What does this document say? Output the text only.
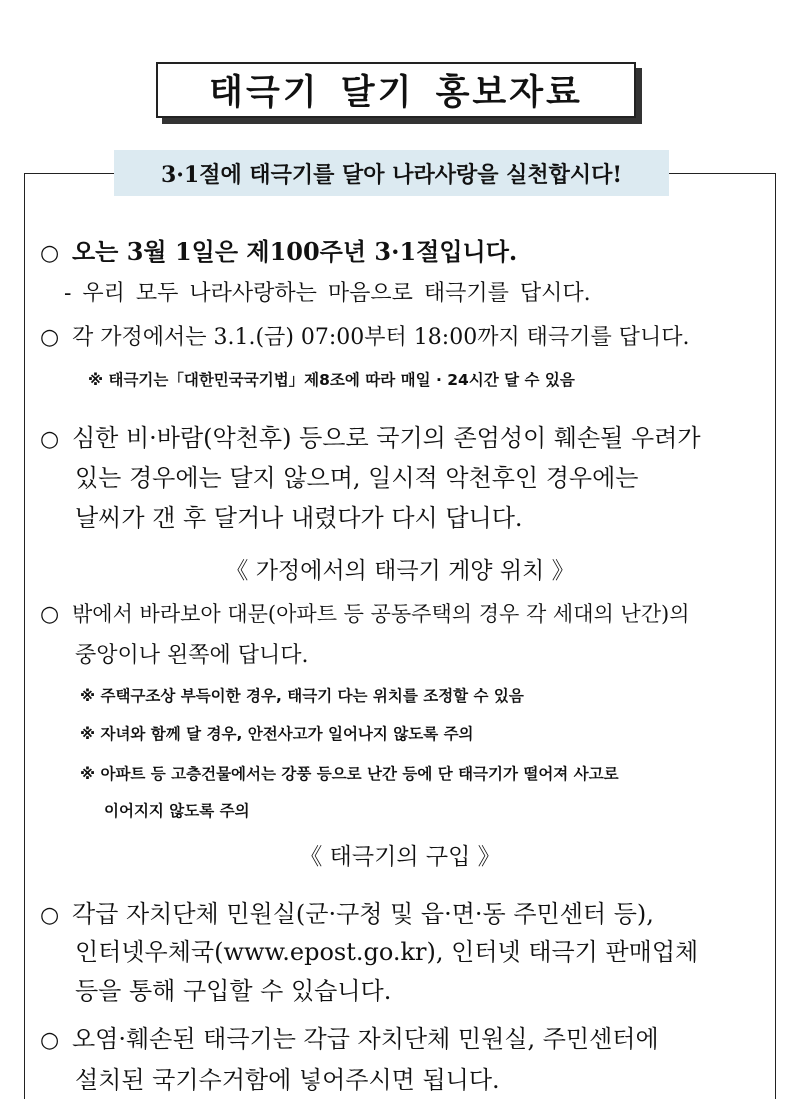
태극기 달기 홍보자료
3·1절에 태극기를 달아 나라사랑을 실천합시다!
○ 오는 3월 1일은 제100주년 3·1절입니다.
- 우리 모두 나라사랑하는 마음으로 태극기를 답시다.
○ 각 가정에서는 3.1.(금) 07:00부터 18:00까지 태극기를 답니다.
※ 태극기는「대한민국국기법」제8조에 따라 매일 · 24시간 달 수 있음
○ 심한 비·바람(악천후) 등으로 국기의 존엄성이 훼손될 우려가
있는 경우에는 달지 않으며, 일시적 악천후인 경우에는
날씨가 갠 후 달거나 내렸다가 다시 답니다.
《 가정에서의 태극기 게양 위치 》
○ 밖에서 바라보아 대문(아파트 등 공동주택의 경우 각 세대의 난간)의
중앙이나 왼쪽에 답니다.
※ 주택구조상 부득이한 경우, 태극기 다는 위치를 조정할 수 있음
※ 자녀와 함께 달 경우, 안전사고가 일어나지 않도록 주의
※ 아파트 등 고층건물에서는 강풍 등으로 난간 등에 단 태극기가 떨어져 사고로
이어지지 않도록 주의
《 태극기의 구입 》
○ 각급 자치단체 민원실(군·구청 및 읍·면·동 주민센터 등),
인터넷우체국(www.epost.go.kr), 인터넷 태극기 판매업체
등을 통해 구입할 수 있습니다.
○ 오염·훼손된 태극기는 각급 자치단체 민원실, 주민센터에
설치된 국기수거함에 넣어주시면 됩니다.
